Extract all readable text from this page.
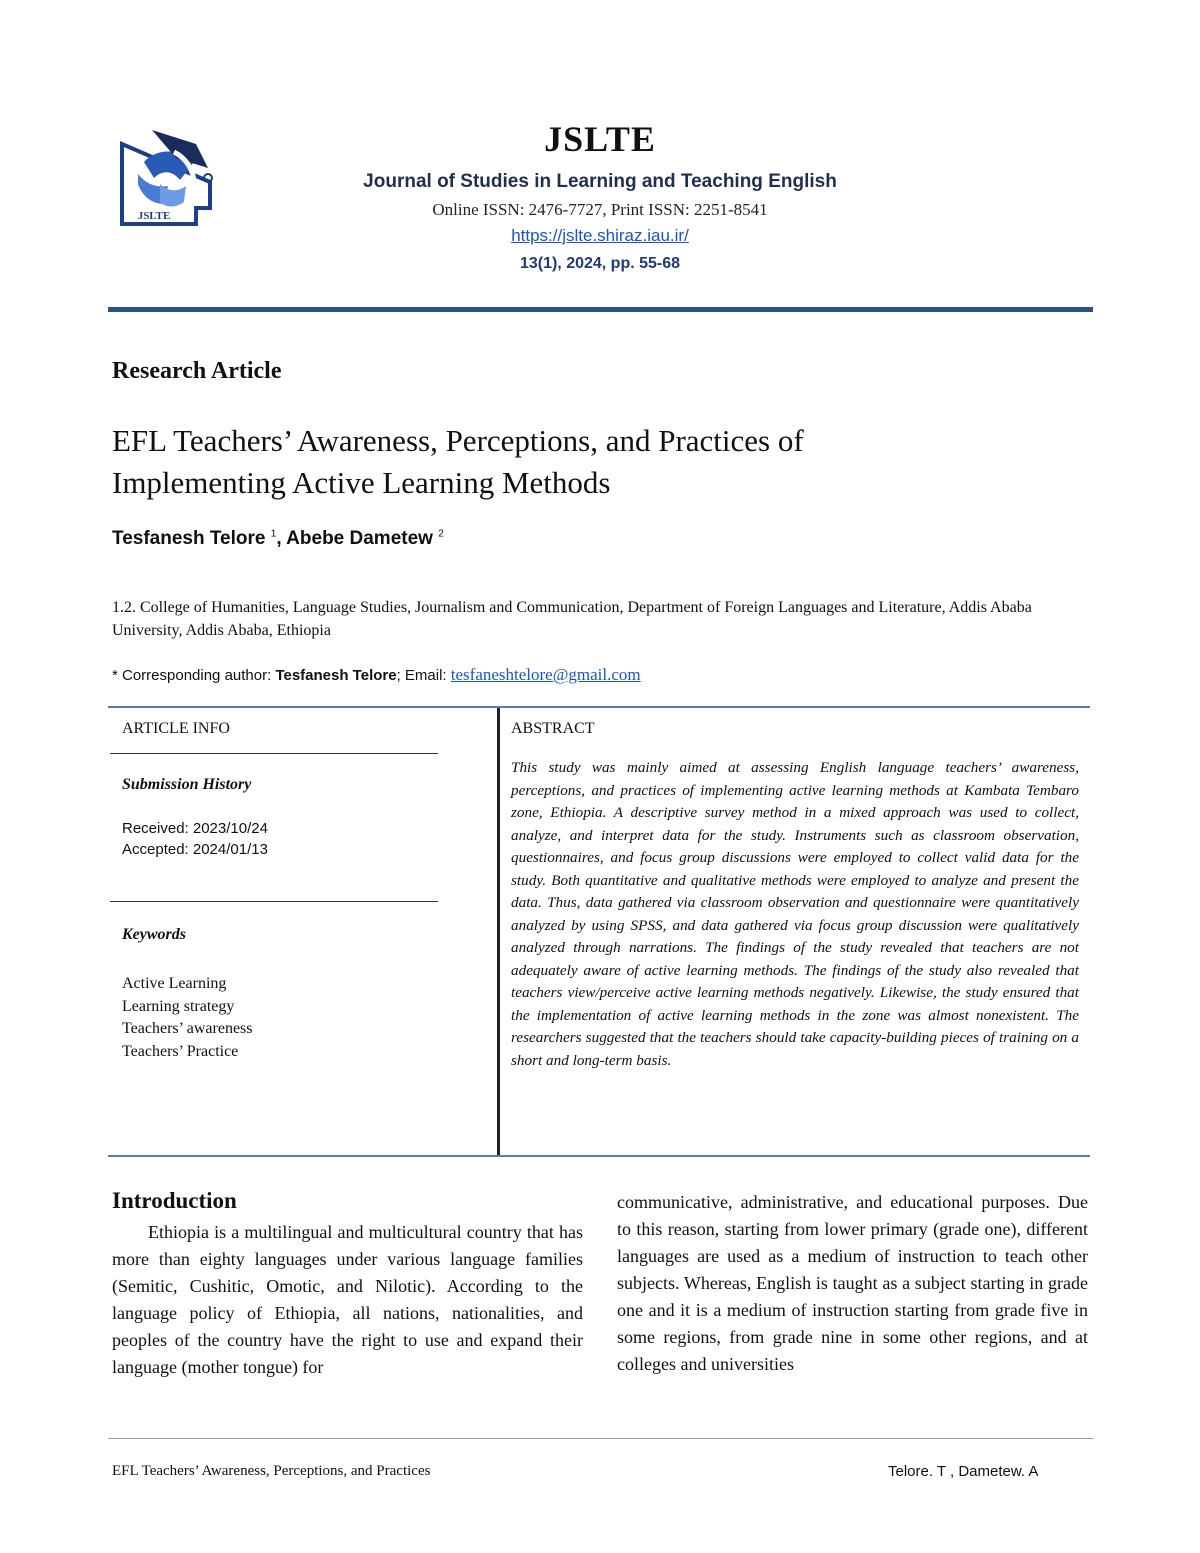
JSLTE
JSLTE
Journal of Studies in Learning and Teaching English
Online ISSN: 2476-7727, Print ISSN: 2251-8541
https://jslte.shiraz.iau.ir/
13(1), 2024, pp. 55-68
Research Article
EFL Teachers’ Awareness, Perceptions, and Practices of
Implementing Active Learning Methods
Tesfanesh Telore $^1$, Abebe Dametew $^2$
1.2. College of Humanities, Language Studies, Journalism and Communication, Department of Foreign Languages and Literature, Addis Ababa University, Addis Ababa, Ethiopia
* Corresponding author: Tesfanesh Telore; Email: tesfaneshtelore@gmail.com
ARTICLE INFO
Submission History
Received: 2023/10/24
Accepted: 2024/01/13
Keywords
Active Learning
Learning strategy
Teachers’ awareness
Teachers’ Practice
ABSTRACT

This study was mainly aimed at assessing English language teachers’ awareness, perceptions, and practices of implementing active learning methods at Kambata Tembaro zone, Ethiopia. A descriptive survey method in a mixed approach was used to collect, analyze, and interpret data for the study. Instruments such as classroom observation, questionnaires, and focus group discussions were employed to collect valid data for the study. Both quantitative and qualitative methods were employed to analyze and present the data. Thus, data gathered via classroom observation and questionnaire were quantitatively analyzed by using SPSS, and data gathered via focus group discussion were qualitatively analyzed through narrations. The findings of the study revealed that teachers are not adequately aware of active learning methods. The findings of the study also revealed that teachers view/perceive active learning methods negatively. Likewise, the study ensured that the implementation of active learning methods in the zone was almost nonexistent. The researchers suggested that the teachers should take capacity-building pieces of training on a short and long-term basis.

Introduction

Ethiopia is a multilingual and multicultural country that has more than eighty languages under various language families (Semitic, Cushitic, Omotic, and Nilotic). According to the language policy of Ethiopia, all nations, nationalities, and peoples of the country have the right to use and expand their language (mother tongue) for

communicative, administrative, and educational purposes. Due to this reason, starting from lower primary (grade one), different languages are used as a medium of instruction to teach other subjects. Whereas, English is taught as a subject starting in grade one and it is a medium of instruction starting from grade five in some regions, from grade nine in some other regions, and at colleges and universities

EFL Teachers’ Awareness, Perceptions, and Practices	Telore. T , Dametew. A
